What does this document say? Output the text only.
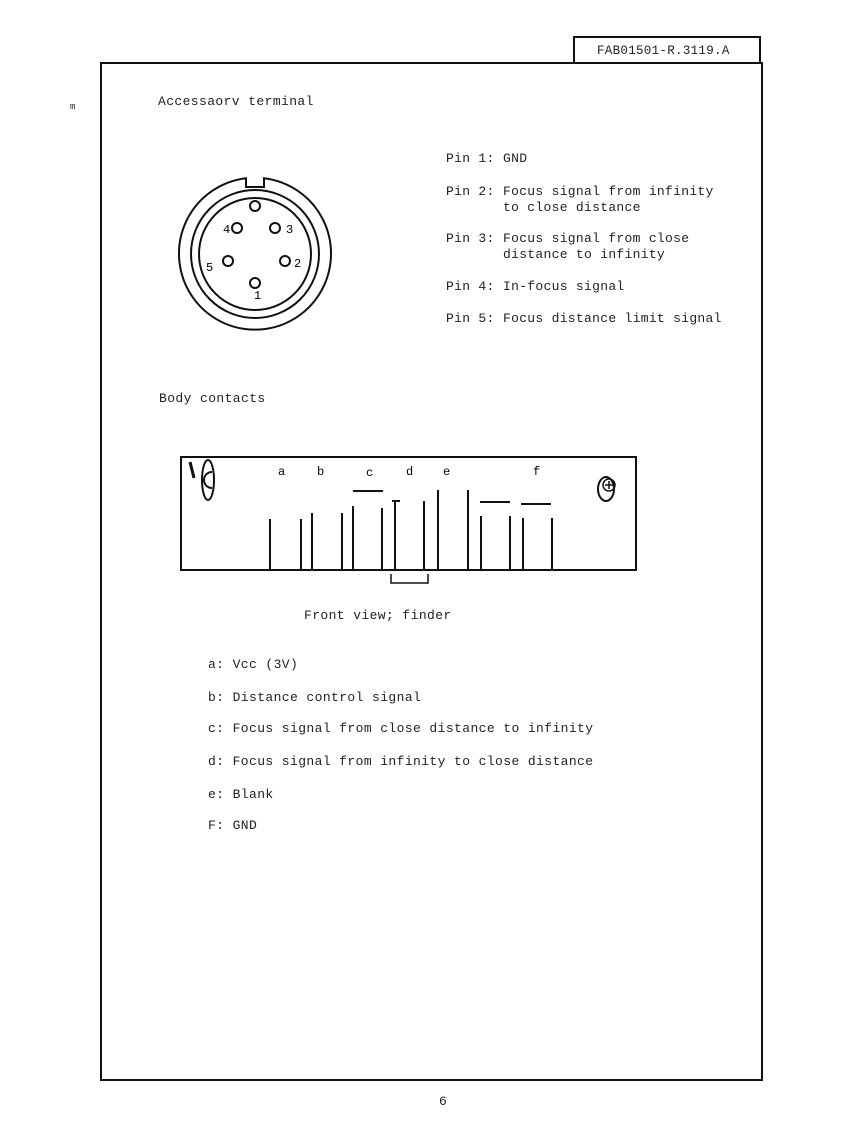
FAB01501-R.3119.A
m	Accessaorv terminal
4	3
5	2
1
Pin 1: GND
Pin 2: Focus signal from infinity to close distance
Pin 3: Focus signal from close distance to infinity
Pin 4: In-focus signal
Pin 5: Focus distance limit signal
Body contacts
a	b	c	d e	f
Front view; finder
a: Vcc (3V)
b: Distance control signal
c: Focus signal from close distance to infinity
d: Focus signal from infinity to close distance
e: Blank
F: GND
6
